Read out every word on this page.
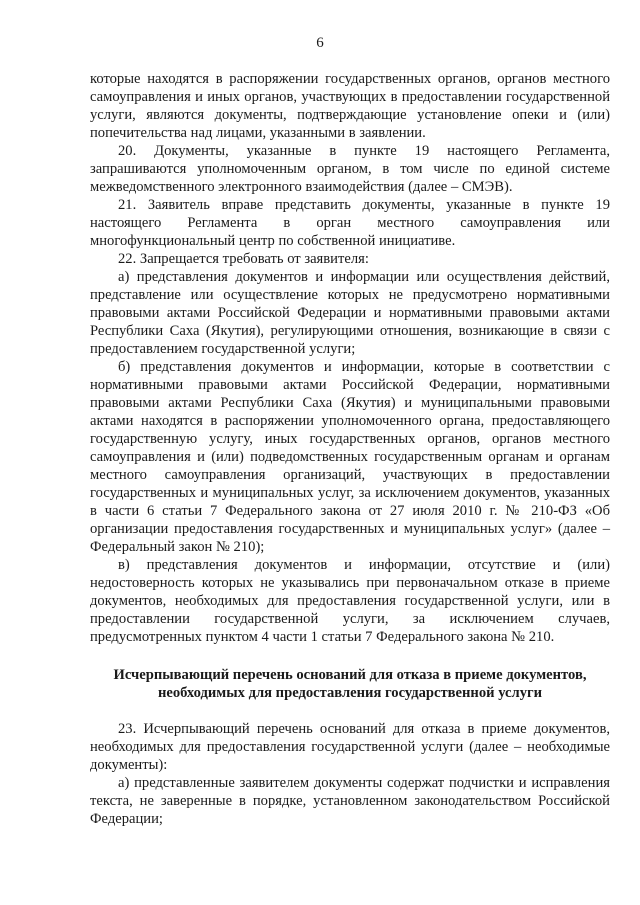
6

которые находятся в распоряжении государственных органов, органов местного самоуправления и иных органов, участвующих в предоставлении государственной услуги, являются документы, подтверждающие установление опеки и (или) попечительства над лицами, указанными в заявлении.

20. Документы, указанные в пункте 19 настоящего Регламента, запрашиваются уполномоченным органом, в том числе по единой системе межведомственного электронного взаимодействия (далее – СМЭВ).

21. Заявитель вправе представить документы, указанные в пункте 19 настоящего Регламента в орган местного самоуправления или многофункциональный центр по собственной инициативе.

22. Запрещается требовать от заявителя:

а) представления документов и информации или осуществления действий, представление или осуществление которых не предусмотрено нормативными правовыми актами Российской Федерации и нормативными правовыми актами Республики Саха (Якутия), регулирующими отношения, возникающие в связи с предоставлением государственной услуги;

б) представления документов и информации, которые в соответствии с нормативными правовыми актами Российской Федерации, нормативными правовыми актами Республики Саха (Якутия) и муниципальными правовыми актами находятся в распоряжении уполномоченного органа, предоставляющего государственную услугу, иных государственных органов, органов местного самоуправления и (или) подведомственных государственным органам и органам местного самоуправления организаций, участвующих в предоставлении государственных и муниципальных услуг, за исключением документов, указанных в части 6 статьи 7 Федерального закона от 27 июля 2010 г. № 210-ФЗ «Об организации предоставления государственных и муниципальных услуг» (далее – Федеральный закон № 210);

в) представления документов и информации, отсутствие и (или) недостоверность которых не указывались при первоначальном отказе в приеме документов, необходимых для предоставления государственной услуги, или в предоставлении государственной услуги, за исключением случаев, предусмотренных пунктом 4 части 1 статьи 7 Федерального закона № 210.

Исчерпывающий перечень оснований для отказа в приеме документов,
необходимых для предоставления государственной услуги

23. Исчерпывающий перечень оснований для отказа в приеме документов, необходимых для предоставления государственной услуги (далее – необходимые документы):

а) представленные заявителем документы содержат подчистки и исправления текста, не заверенные в порядке, установленном законодательством Российской Федерации;
